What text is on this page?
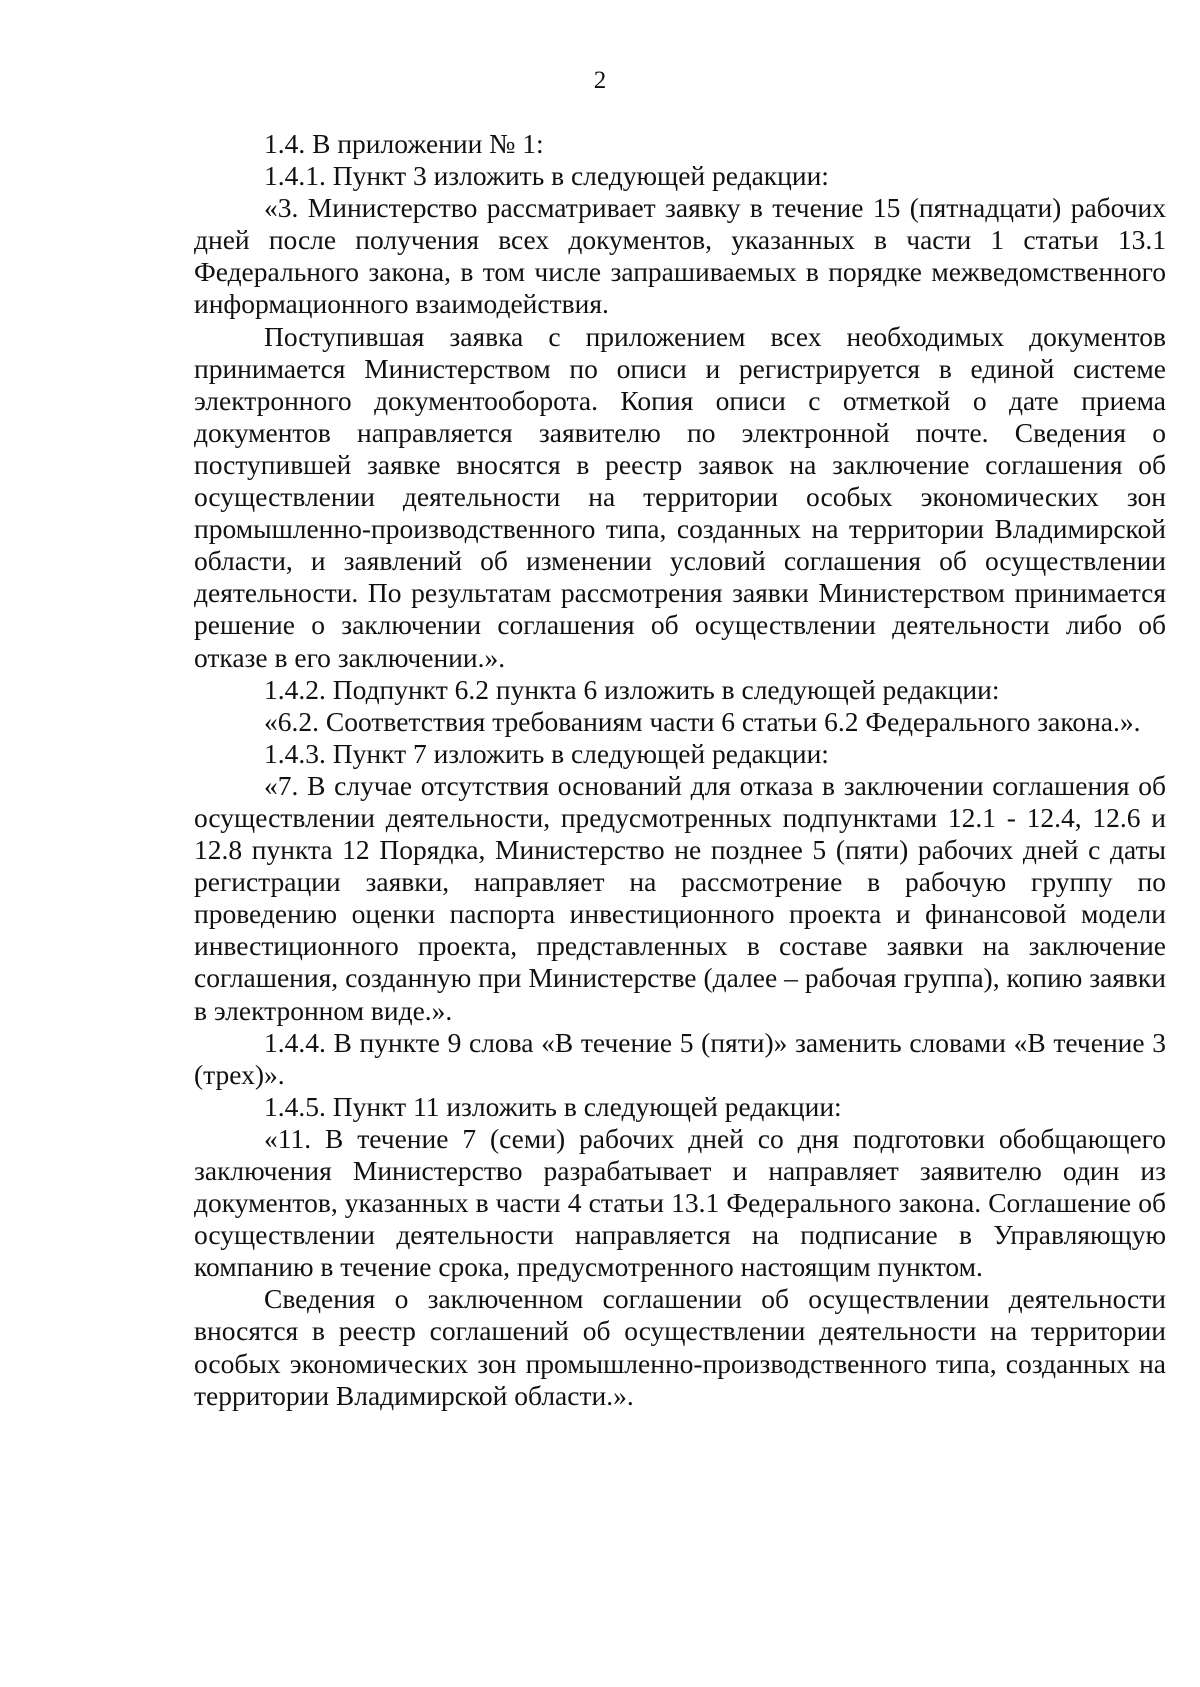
2

1.4. В приложении № 1:

1.4.1. Пункт 3 изложить в следующей редакции:

«3. Министерство рассматривает заявку в течение 15 (пятнадцати) рабочих дней после получения всех документов, указанных в части 1 статьи 13.1 Федерального закона, в том числе запрашиваемых в порядке межведомственного информационного взаимодействия.

Поступившая заявка с приложением всех необходимых документов принимается Министерством по описи и регистрируется в единой системе электронного документооборота. Копия описи с отметкой о дате приема документов направляется заявителю по электронной почте. Сведения о поступившей заявке вносятся в реестр заявок на заключение соглашения об осуществлении деятельности на территории особых экономических зон промышленно-производственного типа, созданных на территории Владимирской области, и заявлений об изменении условий соглашения об осуществлении деятельности. По результатам рассмотрения заявки Министерством принимается решение о заключении соглашения об осуществлении деятельности либо об отказе в его заключении.».

1.4.2. Подпункт 6.2 пункта 6 изложить в следующей редакции:

«6.2. Соответствия требованиям части 6 статьи 6.2 Федерального закона.».

1.4.3. Пункт 7 изложить в следующей редакции:

«7. В случае отсутствия оснований для отказа в заключении соглашения об осуществлении деятельности, предусмотренных подпунктами 12.1 - 12.4, 12.6 и 12.8 пункта 12 Порядка, Министерство не позднее 5 (пяти) рабочих дней с даты регистрации заявки, направляет на рассмотрение в рабочую группу по проведению оценки паспорта инвестиционного проекта и финансовой модели инвестиционного проекта, представленных в составе заявки на заключение соглашения, созданную при Министерстве (далее – рабочая группа), копию заявки в электронном виде.».

1.4.4. В пункте 9 слова «В течение 5 (пяти)» заменить словами «В течение 3 (трех)».

1.4.5. Пункт 11 изложить в следующей редакции:

«11. В течение 7 (семи) рабочих дней со дня подготовки обобщающего заключения Министерство разрабатывает и направляет заявителю один из документов, указанных в части 4 статьи 13.1 Федерального закона. Соглашение об осуществлении деятельности направляется на подписание в Управляющую компанию в течение срока, предусмотренного настоящим пунктом.

Сведения о заключенном соглашении об осуществлении деятельности вносятся в реестр соглашений об осуществлении деятельности на территории особых экономических зон промышленно-производственного типа, созданных на территории Владимирской области.».
